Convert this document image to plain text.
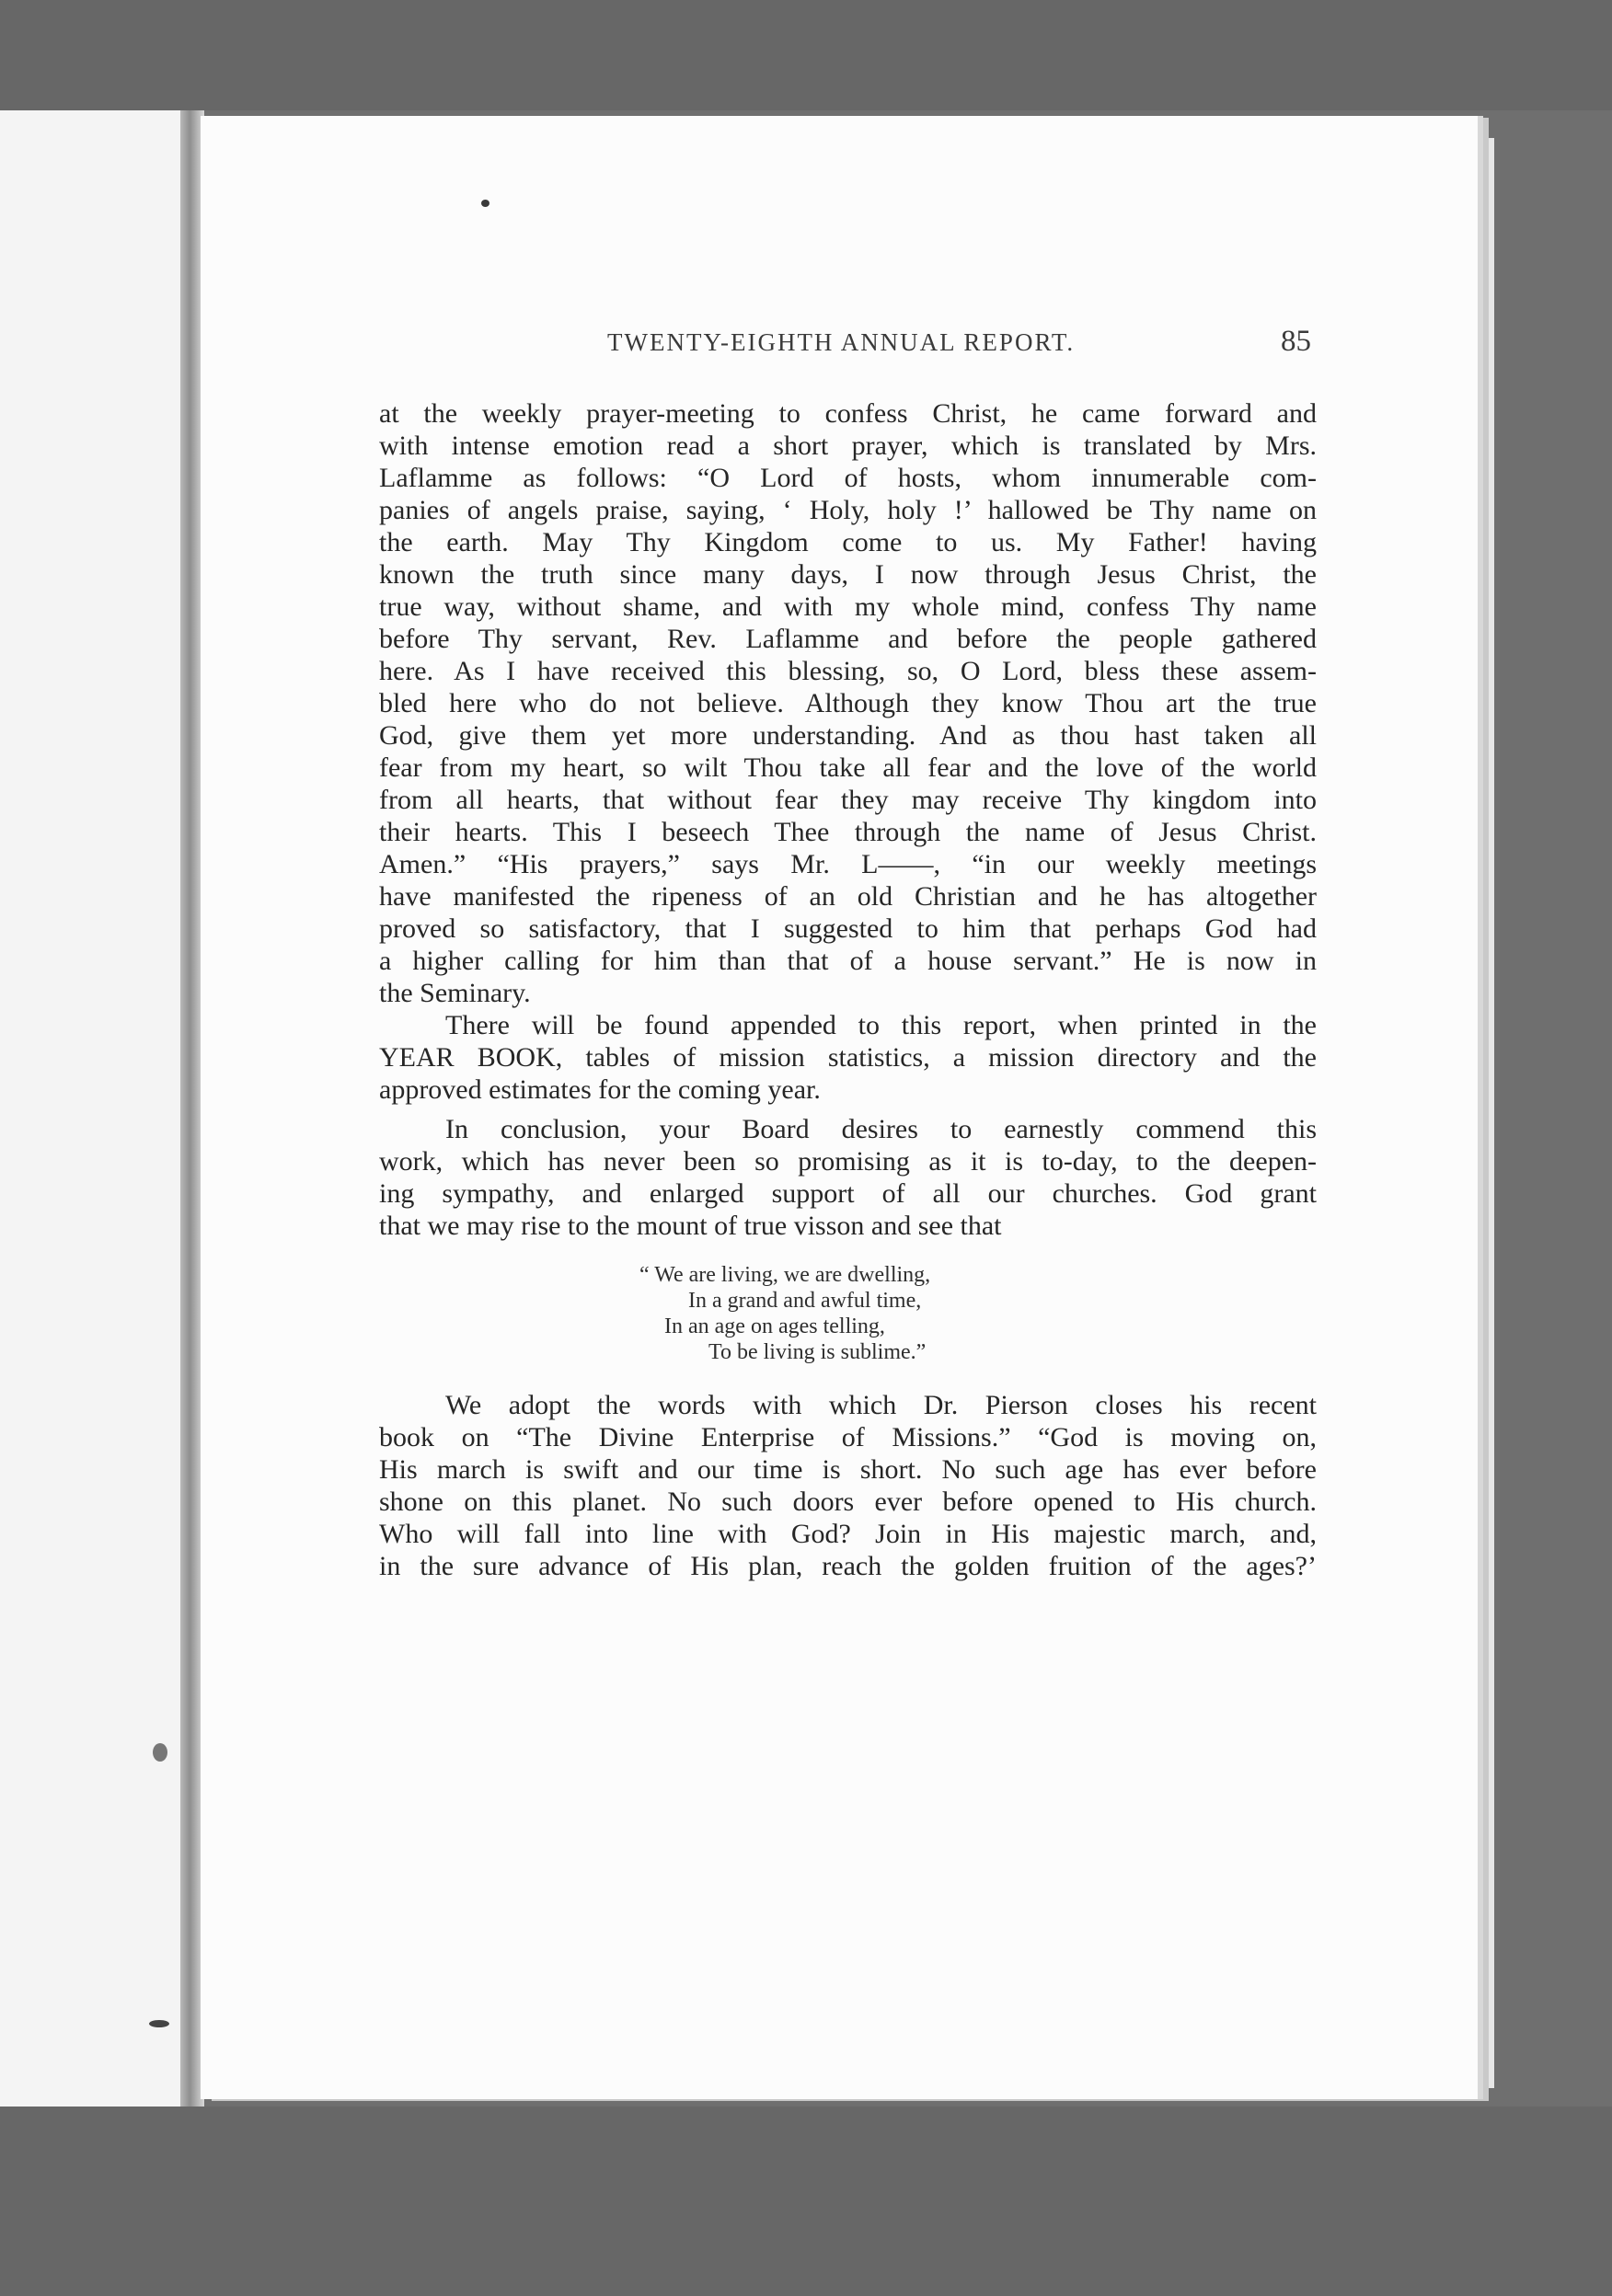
TWENTY-EIGHTH ANNUAL REPORT.	85
at the weekly prayer-meeting to confess Christ, he came forward and
with intense emotion read a short prayer, which is translated by Mrs.
Laflamme as follows: “O Lord of hosts, whom innumerable com-
panies of angels praise, saying, ‘ Holy, holy !’ hallowed be Thy name on
the earth. May Thy Kingdom come to us. My Father! having
known the truth since many days, I now through Jesus Christ, the
true way, without shame, and with my whole mind, confess Thy name
before Thy servant, Rev. Laflamme and before the people gathered
here. As I have received this blessing, so, O Lord, bless these assem-
bled here who do not believe. Although they know Thou art the true
God, give them yet more understanding. And as thou hast taken all
fear from my heart, so wilt Thou take all fear and the love of the world
from all hearts, that without fear they may receive Thy kingdom into
their hearts. This I beseech Thee through the name of Jesus Christ.
Amen.” “His prayers,” says Mr. L——, “in our weekly meetings
have manifested the ripeness of an old Christian and he has altogether
proved so satisfactory, that I suggested to him that perhaps God had
a higher calling for him than that of a house servant.” He is now in
the Seminary.
There will be found appended to this report, when printed in the
YEAR BOOK, tables of mission statistics, a mission directory and the
approved estimates for the coming year.
In conclusion, your Board desires to earnestly commend this
work, which has never been so promising as it is to-day, to the deepen-
ing sympathy, and enlarged support of all our churches. God grant
that we may rise to the mount of true visson and see that
“ We are living, we are dwelling,
In a grand and awful time,
In an age on ages telling,
To be living is sublime.”
We adopt the words with which Dr. Pierson closes his recent
book on “The Divine Enterprise of Missions.” “God is moving on,
His march is swift and our time is short. No such age has ever before
shone on this planet. No such doors ever before opened to His church.
Who will fall into line with God? Join in His majestic march, and,
in the sure advance of His plan, reach the golden fruition of the ages?’
